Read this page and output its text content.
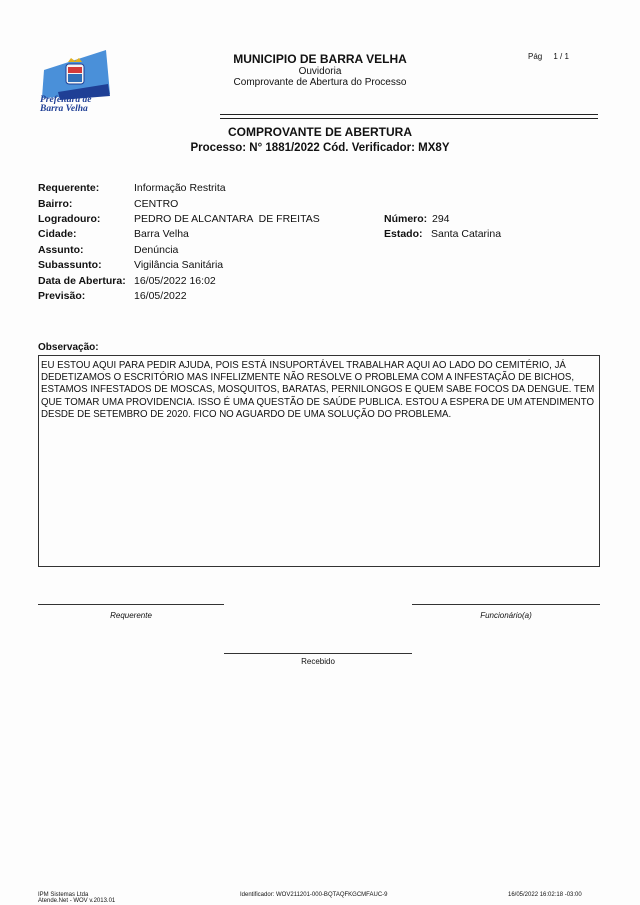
Prefeitura de
Barra Velha
MUNICIPIO DE BARRA VELHA
Ouvidoria
Comprovante de Abertura do Processo
Pág 1 / 1
COMPROVANTE DE ABERTURA
Processo: N° 1881/2022 Cód. Verificador: MX8Y
Requerente:	Informação Restrita
Bairro:	CENTRO
Logradouro:	PEDRO DE ALCANTARA  DE FREITAS	Número: 294
Cidade:	Barra Velha	Estado: Santa Catarina
Assunto:	Denúncia
Subassunto:	Vigilância Sanitária
Data de Abertura: 16/05/2022 16:02
Previsão:	16/05/2022
Observação:
EU ESTOU AQUI PARA PEDIR AJUDA, POIS ESTÁ INSUPORTÁVEL TRABALHAR AQUI AO LADO DO CEMITÉRIO, JÁ DEDETIZAMOS O ESCRITÓRIO MAS INFELIZMENTE NÃO RESOLVE O PROBLEMA COM A INFESTAÇÃO DE BICHOS, ESTAMOS INFESTADOS DE MOSCAS, MOSQUITOS, BARATAS, PERNILONGOS E QUEM SABE FOCOS DA DENGUE. TEM QUE TOMAR UMA PROVIDENCIA. ISSO É UMA QUESTÃO DE SAÚDE PUBLICA. ESTOU A ESPERA DE UM ATENDIMENTO DESDE DE SETEMBRO DE 2020. FICO NO AGUARDO DE UMA SOLUÇÃO DO PROBLEMA.
Requerente	Funcionário(a)
Recebido
IPM Sistemas Ltda
Atende.Net - WOV v.2013.01
Identificador: WOV211201-000-BQTAQFKGCMFAUC-9	16/05/2022 16:02:18 -03:00
